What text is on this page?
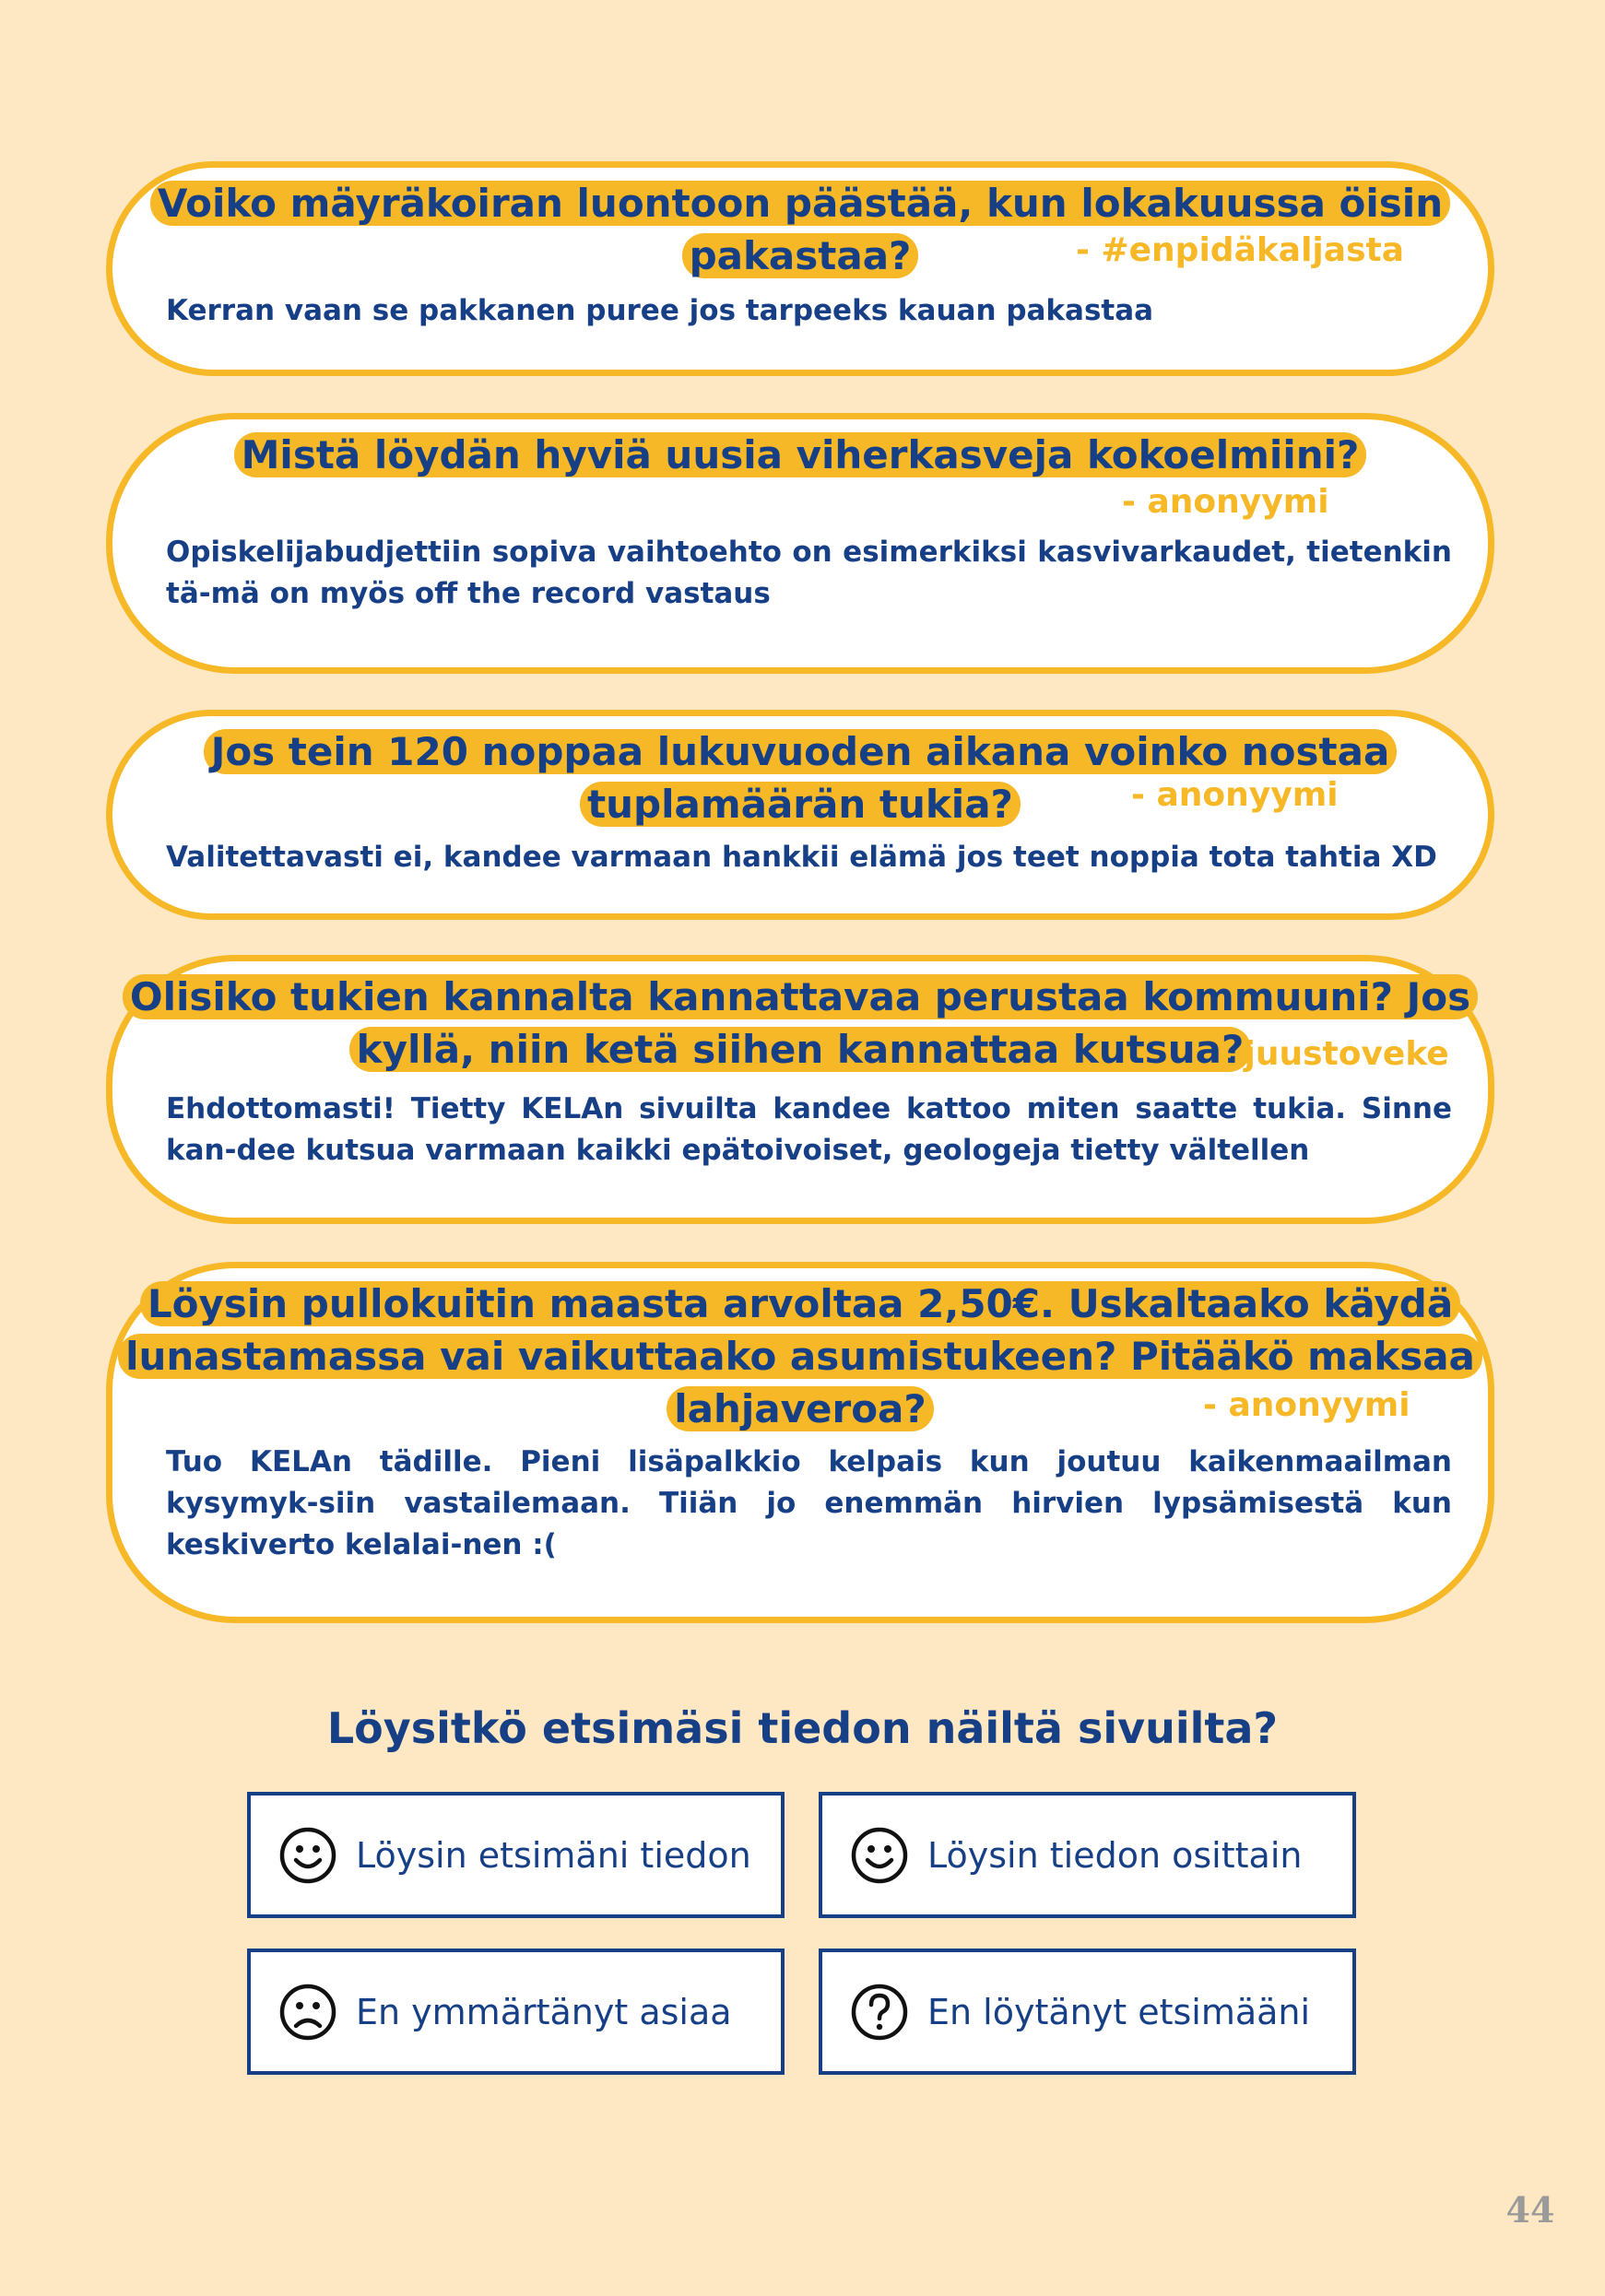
Voiko mäyräkoiran luontoon päästää, kun lokakuussa öisin pakastaa?	- #enpidäkaljasta
Kerran vaan se pakkanen puree jos tarpeeks kauan pakastaa
Mistä löydän hyviä uusia viherkasveja kokoelmiini?
- anonyymi
Opiskelijabudjettiin sopiva vaihtoehto on esimerkiksi kasvivarkaudet, tietenkin tä-mä on myös off the record vastaus
Jos tein 120 noppaa lukuvuoden aikana voinko nostaa tuplamäärän tukia?	- anonyymi
Valitettavasti ei, kandee varmaan hankkii elämä jos teet noppia tota tahtia XD
Olisiko tukien kannalta kannattavaa perustaa kommuuni? Jos kyllä, niin ketä siihen kannattaa kutsua?
- juustoveke
Ehdottomasti! Tietty KELAn sivuilta kandee kattoo miten saatte tukia. Sinne kan-dee kutsua varmaan kaikki epätoivoiset, geologeja tietty vältellen
Löysin pullokuitin maasta arvoltaa 2,50€. Uskaltaako käydä lunastamassa vai vaikuttaako asumistukeen? Pitääkö maksaa lahjaveroa?	- anonyymi
Tuo KELAn tädille. Pieni lisäpalkkio kelpais kun joutuu kaikenmaailman kysymyk-siin vastailemaan. Tiiän jo enemmän hirvien lypsämisestä kun keskiverto kelalai-nen :(
Löysitkö etsimäsi tiedon näiltä sivuilta?
Löysin etsimäni tiedon	Löysin tiedon osittain
En ymmärtänyt asiaa	En löytänyt etsimääni
44
